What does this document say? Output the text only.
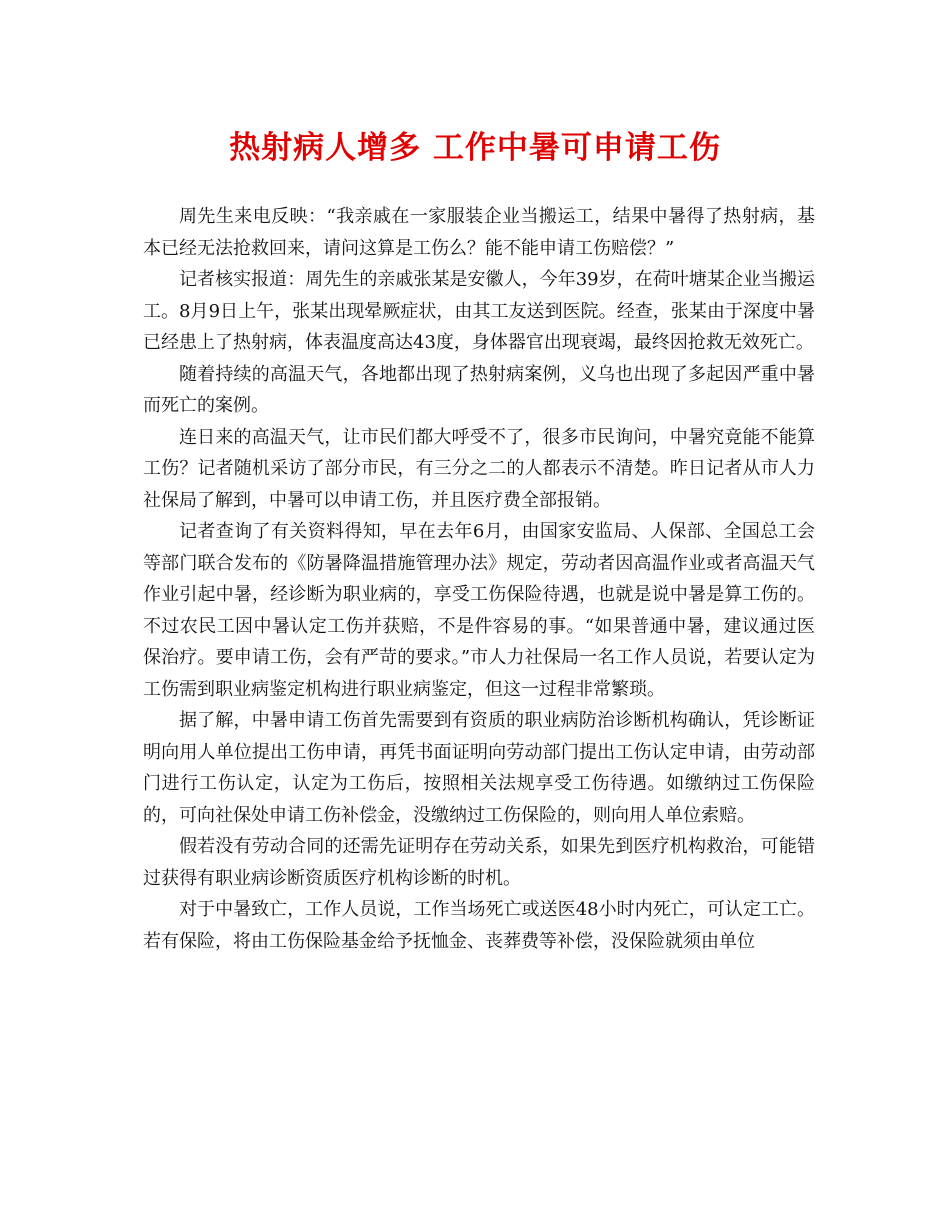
热射病人增多 工作中暑可申请工伤

周先生来电反映：“我亲戚在一家服装企业当搬运工，结果中暑得了热射病，基本已经无法抢救回来，请问这算是工伤么？能不能申请工伤赔偿？”

记者核实报道：周先生的亲戚张某是安徽人，今年39岁，在荷叶塘某企业当搬运工。8月9日上午，张某出现晕厥症状，由其工友送到医院。经查，张某由于深度中暑已经患上了热射病，体表温度高达43度，身体器官出现衰竭，最终因抢救无效死亡。

随着持续的高温天气，各地都出现了热射病案例，义乌也出现了多起因严重中暑而死亡的案例。

连日来的高温天气，让市民们都大呼受不了，很多市民询问，中暑究竟能不能算工伤？记者随机采访了部分市民，有三分之二的人都表示不清楚。昨日记者从市人力社保局了解到，中暑可以申请工伤，并且医疗费全部报销。

记者查询了有关资料得知，早在去年6月，由国家安监局、人保部、全国总工会等部门联合发布的《防暑降温措施管理办法》规定，劳动者因高温作业或者高温天气作业引起中暑，经诊断为职业病的，享受工伤保险待遇，也就是说中暑是算工伤的。不过农民工因中暑认定工伤并获赔，不是件容易的事。“如果普通中暑，建议通过医保治疗。要申请工伤，会有严苛的要求。”市人力社保局一名工作人员说，若要认定为工伤需到职业病鉴定机构进行职业病鉴定，但这一过程非常繁琐。

据了解，中暑申请工伤首先需要到有资质的职业病防治诊断机构确认，凭诊断证明向用人单位提出工伤申请，再凭书面证明向劳动部门提出工伤认定申请，由劳动部门进行工伤认定，认定为工伤后，按照相关法规享受工伤待遇。如缴纳过工伤保险的，可向社保处申请工伤补偿金，没缴纳过工伤保险的，则向用人单位索赔。

假若没有劳动合同的还需先证明存在劳动关系，如果先到医疗机构救治，可能错过获得有职业病诊断资质医疗机构诊断的时机。

对于中暑致亡，工作人员说，工作当场死亡或送医48小时内死亡，可认定工亡。若有保险，将由工伤保险基金给予抚恤金、丧葬费等补偿，没保险就须由单位
